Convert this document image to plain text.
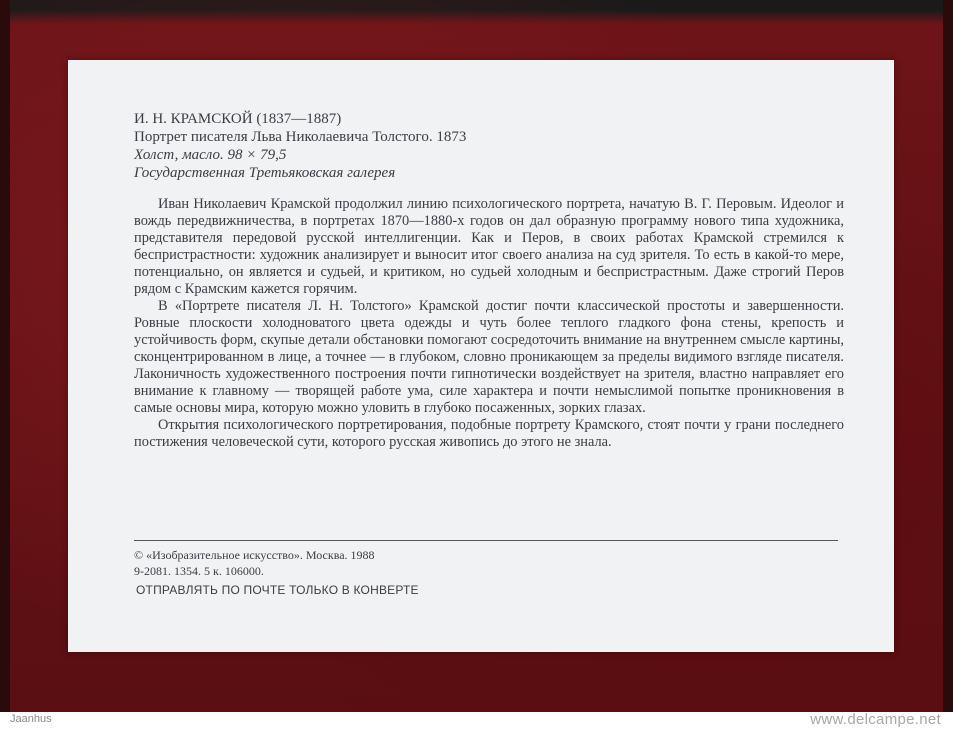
И. Н. КРАМСКОЙ (1837—1887)
Портрет писателя Льва Николаевича Толстого. 1873
Холст, масло. 98 × 79,5
Государственная Третьяковская галерея

Иван Николаевич Крамской продолжил линию психологического портрета, начатую В. Г. Перовым. Идеолог и вождь передвижничества, в портретах 1870—1880-х годов он дал образную программу нового типа художника, представителя передовой русской интеллигенции. Как и Перов, в своих работах Крамской стремился к беспристрастности: художник анализирует и выносит итог своего анализа на суд зрителя. То есть в какой-то мере, потенциально, он является и судьей, и критиком, но судьей холодным и беспристрастным. Даже строгий Перов рядом с Крамским кажется горячим.

В «Портрете писателя Л. Н. Толстого» Крамской достиг почти классической простоты и завершенности. Ровные плоскости холодноватого цвета одежды и чуть более теплого гладкого фона стены, крепость и устойчивость форм, скупые детали обстановки помогают сосредоточить внимание на внутреннем смысле картины, сконцентрированном в лице, а точнее — в глубоком, словно проникающем за пределы видимого взгляде писателя. Лаконичность художественного построения почти гипнотически воздействует на зрителя, властно направляет его внимание к главному — творящей работе ума, силе характера и почти немыслимой попытке проникновения в самые основы мира, которую можно уловить в глубоко посаженных, зорких глазах.

Открытия психологического портретирования, подобные портрету Крамского, стоят почти у грани последнего постижения человеческой сути, которого русская живопись до этого не знала.

© «Изобразительное искусство». Москва. 1988
9-2081. 1354. 5 к. 106000.
ОТПРАВЛЯТЬ ПО ПОЧТЕ ТОЛЬКО В КОНВЕРТЕ
Jaanhus	www.delcampe.net
